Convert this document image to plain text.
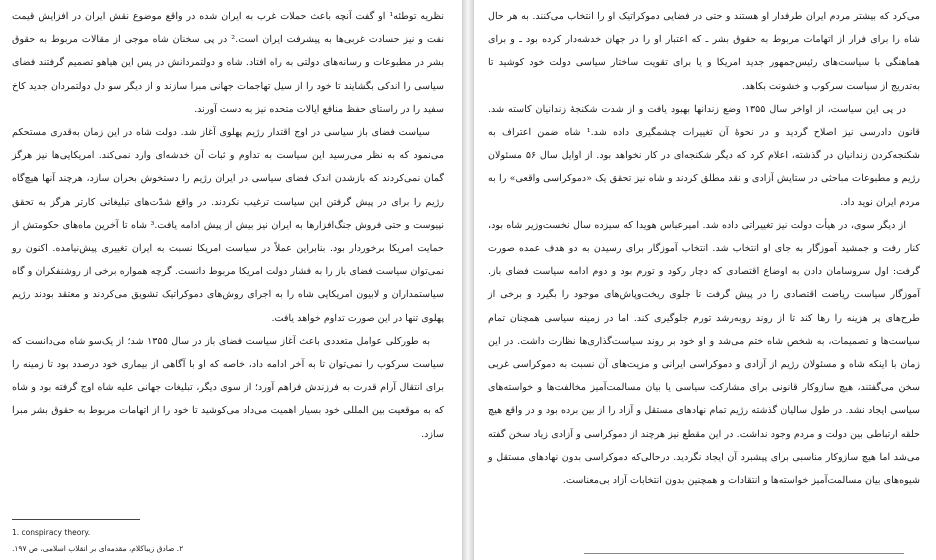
نظریه توطئه¹ او گفت آنچه باعث حملات غرب به ایران شده در واقع موضوع نقش ایران در افزایش قیمت نفت و نیز حسادت غربی‌ها به پیشرفت ایران است.² در پی سخنان شاه موجی از مقالات مربوط به حقوق بشر در مطبوعات و رسانه‌های دولتی به راه افتاد. شاه و دولتمردانش در پس این هیاهو تصمیم گرفتند فضای سیاسی را اندکی بگشایند تا خود را از سیل تهاجمات جهانی مبرا سازند و از دیگر سو دل دولتمردان جدید کاخ سفید را در راستای حفظ منافع ایالات متحده نیز به دست آورند.

سیاست فضای باز سیاسی در اوج اقتدار رژیم پهلوی آغاز شد. دولت شاه در این زمان به‌قدری مستحکم می‌نمود که به نظر می‌رسید این سیاست به تداوم و ثبات آن خدشه‌ای وارد نمی‌کند. امریکایی‌ها نیز هرگز گمان نمی‌کردند که بازشدن اندک فضای سیاسی در ایران رژیم را دستخوش بحران سازد، هرچند آنها هیچ‌گاه رژیم را برای در پیش گرفتن این سیاست ترغیب نکردند. در واقع شدّت‌های تبلیغاتی کارتر هرگز به تحقق نپیوست و حتی فروش جنگ‌افزارها به ایران نیز بیش از پیش ادامه یافت.³ شاه تا آخرین ماه‌های حکومتش از حمایت امریکا برخوردار بود. بنابراین عملاً در سیاست امریکا نسبت به ایران تغییری پیش‌نیامده. اکنون رو نمی‌توان سیاست فضای باز را به فشار دولت امریکا مربوط دانست. گرچه همواره برخی از روشنفکران و گاه سیاستمداران و لابیون امریکایی شاه را به اجرای روش‌های دموکراتیک تشویق می‌کردند و معتقد بودند رژیم پهلوی تنها در این صورت تداوم خواهد یافت.

به طورکلی عوامل متعددی باعث آغاز سیاست فضای باز در سال ۱۳۵۵ شد؛ از یک‌سو شاه می‌دانست که سیاست سرکوب را نمی‌توان تا به آخر ادامه داد، خاصه که او با آگاهی از بیماری خود درصدد بود تا زمینه را برای انتقال آرام قدرت به فرزندش فراهم آورد؛ از سوی دیگر، تبلیغات جهانی علیه شاه اوج گرفته بود و شاه که به موقعیت بین المللی خود بسیار اهمیت می‌داد می‌کوشید تا خود را از اتهامات مربوط به حقوق بشر مبرا سازد.

1. conspiracy theory.
۲. صادق زیباکلام، مقدمه‌ای بر انقلاب اسلامی، ص ۱۹۷.

می‌کرد که بیشتر مردم ایران طرفدار او هستند و حتی در فضایی دموکراتیک او را انتخاب می‌کنند. به هر حال شاه را برای فرار از اتهامات مربوط به حقوق بشر ـ که اعتبار او را در جهان خدشه‌دار کرده بود ـ و برای هماهنگی با سیاست‌های رئیس‌جمهور جدید امریکا و یا برای تقویت ساختار سیاسی دولت خود کوشید تا به‌تدریج از سیاست سرکوب و خشونت بکاهد.

در پی این سیاست، از اواخر سال ۱۳۵۵ وضع زندانها بهبود یافت و از شدت شکنجهٔ زندانیان کاسته شد. قانون دادرسی نیز اصلاح گردید و در نحوهٔ آن تغییرات چشمگیری داده شد.¹ شاه ضمن اعتراف به شکنجه‌کردن زندانیان در گذشته، اعلام کرد که دیگر شکنجه‌ای در کار نخواهد بود. از اوایل سال ۵۶ مسئولان رژیم و مطبوعات مباحثی در ستایش آزادی و نقد مطلق کردند و شاه نیز تحقق یک «دموکراسی واقعی» را به مردم ایران نوید داد.

از دیگر سوی، در هیأت دولت نیز تغییراتی داده شد. امیرعباس هویدا که سیزده سال نخست‌وزیر شاه بود، کنار رفت و جمشید آموزگار به جای او انتخاب شد. انتخاب آموزگار برای رسیدن به دو هدف عمده صورت گرفت: اول سروسامان دادن به اوضاع اقتصادی که دچار رکود و تورم بود و دوم ادامه سیاست فضای باز. آموزگار سیاست ریاضت اقتصادی را در پیش گرفت تا جلوی ریخت‌وپاش‌های موجود را بگیرد و برخی از طرح‌های پر هزینه را رها کند تا از روند روبه‌رشد تورم جلوگیری کند. اما در زمینه سیاسی همچنان تمام سیاست‌ها و تصمیمات، به شخص شاه ختم می‌شد و او خود بر روند سیاست‌گذاری‌ها نظارت داشت. در این زمان با اینکه شاه و مسئولان رژیم از آزادی و دموکراسی ایرانی و مزیت‌های آن نسبت به دموکراسی غربی سخن می‌گفتند، هیچ سازوکار قانونی برای مشارکت سیاسی یا بیان مسالمت‌آمیز مخالفت‌ها و خواسته‌های سیاسی ایجاد نشد. در طول سالیان گذشته رژیم تمام نهادهای مستقل و آزاد را از بین برده بود و در واقع هیچ حلقه ارتباطی بین دولت و مردم وجود نداشت. در این مقطع نیز هرچند از دموکراسی و آزادی زیاد سخن گفته می‌شد اما هیچ سازوکار مناسبی برای پیشبرد آن ایجاد نگردید. درحالی‌که دموکراسی بدون نهادهای مستقل و شیوه‌های بیان مسالمت‌آمیز خواسته‌ها و انتقادات و همچنین بدون انتخابات آزاد بی‌معناست.
